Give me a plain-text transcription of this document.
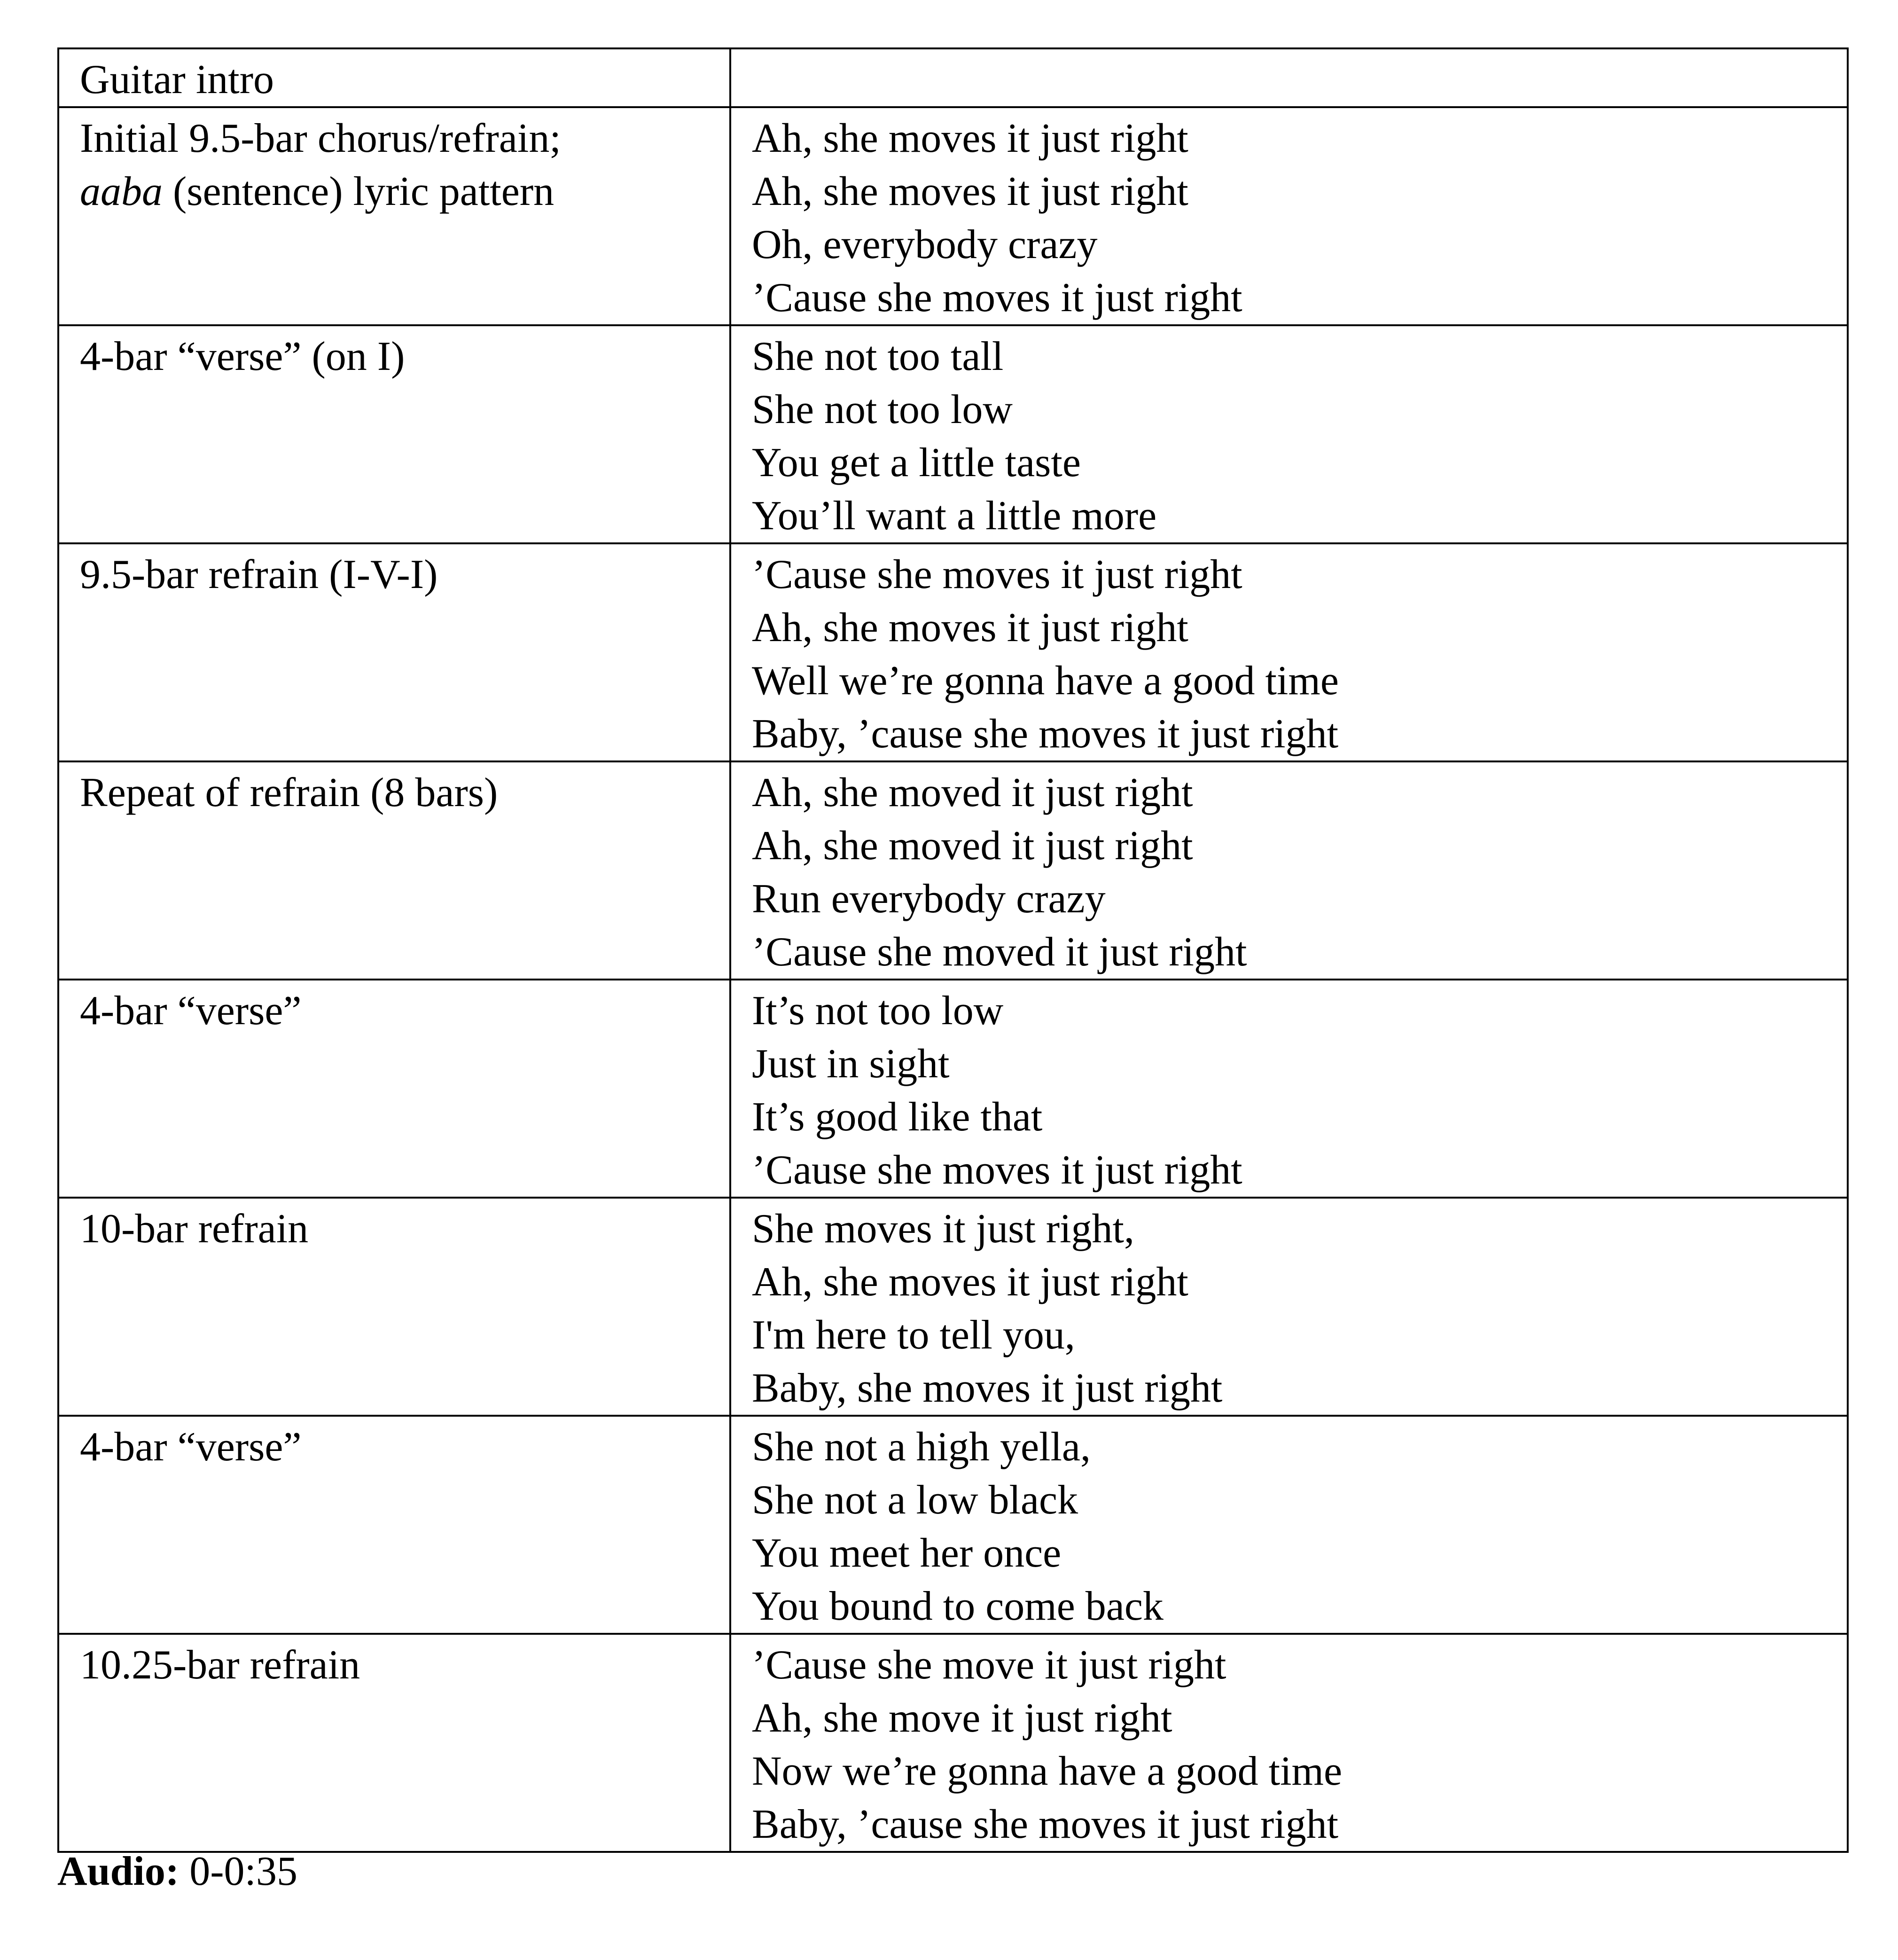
Guitar intro	

Initial 9.5-bar chorus/refrain;
aaba (sentence) lyric pattern	Ah, she moves it just right
Ah, she moves it just right
Oh, everybody crazy
’Cause she moves it just right

4-bar “verse” (on I)	She not too tall
She not too low
You get a little taste
You’ll want a little more

9.5-bar refrain (I-V-I)	’Cause she moves it just right
Ah, she moves it just right
Well we’re gonna have a good time
Baby, ’cause she moves it just right

Repeat of refrain (8 bars)	Ah, she moved it just right
Ah, she moved it just right
Run everybody crazy
’Cause she moved it just right

4-bar “verse”	It’s not too low
Just in sight
It’s good like that
’Cause she moves it just right

10-bar refrain	She moves it just right,
Ah, she moves it just right
I'm here to tell you,
Baby, she moves it just right

4-bar “verse”	She not a high yella,
She not a low black
You meet her once
You bound to come back

10.25-bar refrain	’Cause she move it just right
Ah, she move it just right
Now we’re gonna have a good time
Baby, ’cause she moves it just right
Audio: 0-0:35
